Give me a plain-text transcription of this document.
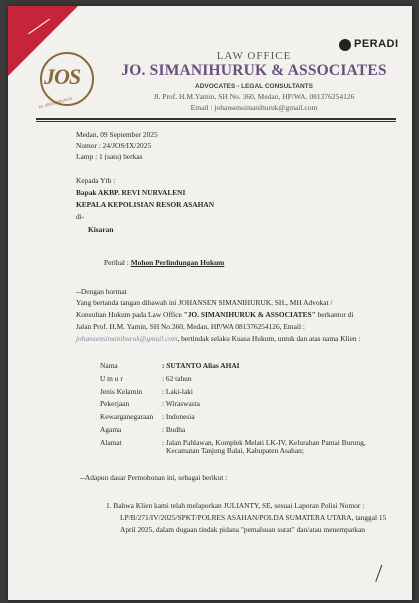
JOS
JO. SIMANIHURUK
PERADI
LAW OFFICE
JO. SIMANIHURUK & ASSOCIATES
ADVOCATES - LEGAL CONSULTANTS
Jl. Prof. H.M.Yamin, SH No. 360, Medan, HP/WA. 081376254126
Email : johansensimanihuruk@gmail.com
Medan, 09 September 2025
Nomor : 24/JOS/IX/2025
Lamp : 1 (satu) berkas
Kepada Yth :
Bapak AKBP. REVI NURVALENI
KEPALA KEPOLISIAN RESOR ASAHAN
di-
Kisaran
Perihal : Mohon Perlindungan Hukum
--Dengan hormat
Yang bertanda tangan dibawah ini JOHANSEN SIMANIHURUK, SH., MH Advokat /
Konsultan Hukum pada Law Office "JO. SIMANIHURUK & ASSOCIATES" berkantor di
Jalan Prof. H.M. Yamin, SH No.360, Medan, HP/WA 081376254126, Email :
johansensimanihuruk@gmail.com, bertindak selaku Kuasa Hukum, untuk dan atas nama Klien :
Nama	: SUTANTO Alias AHAI
U m u r	: 62 tahun
Jenis Kelamin	: Laki-laki
Pekerjaan	: Wiraswasta
Kewarganegaraan : Indonesia
Agama	: Budha
Alamat	: Jalan Pahlawan, Komplek Melati LK-IV, Kelurahan Pantai Burung,
Kecamatan Tanjung Balai, Kabupaten Asahan;
--Adapun dasar Permohonan ini, sebagai berikut :
1. Bahwa Klien kami telah melaporkan JULIANTY, SE, sesuai Laporan Polisi Nomor :
LP/B/271/IV/2025/SPKT/POLRES ASAHAN/POLDA SUMATERA UTARA, tanggal 15
April 2025, dalam dugaan tindak pidana "pemalsuan surat" dan/atau menempatkan
